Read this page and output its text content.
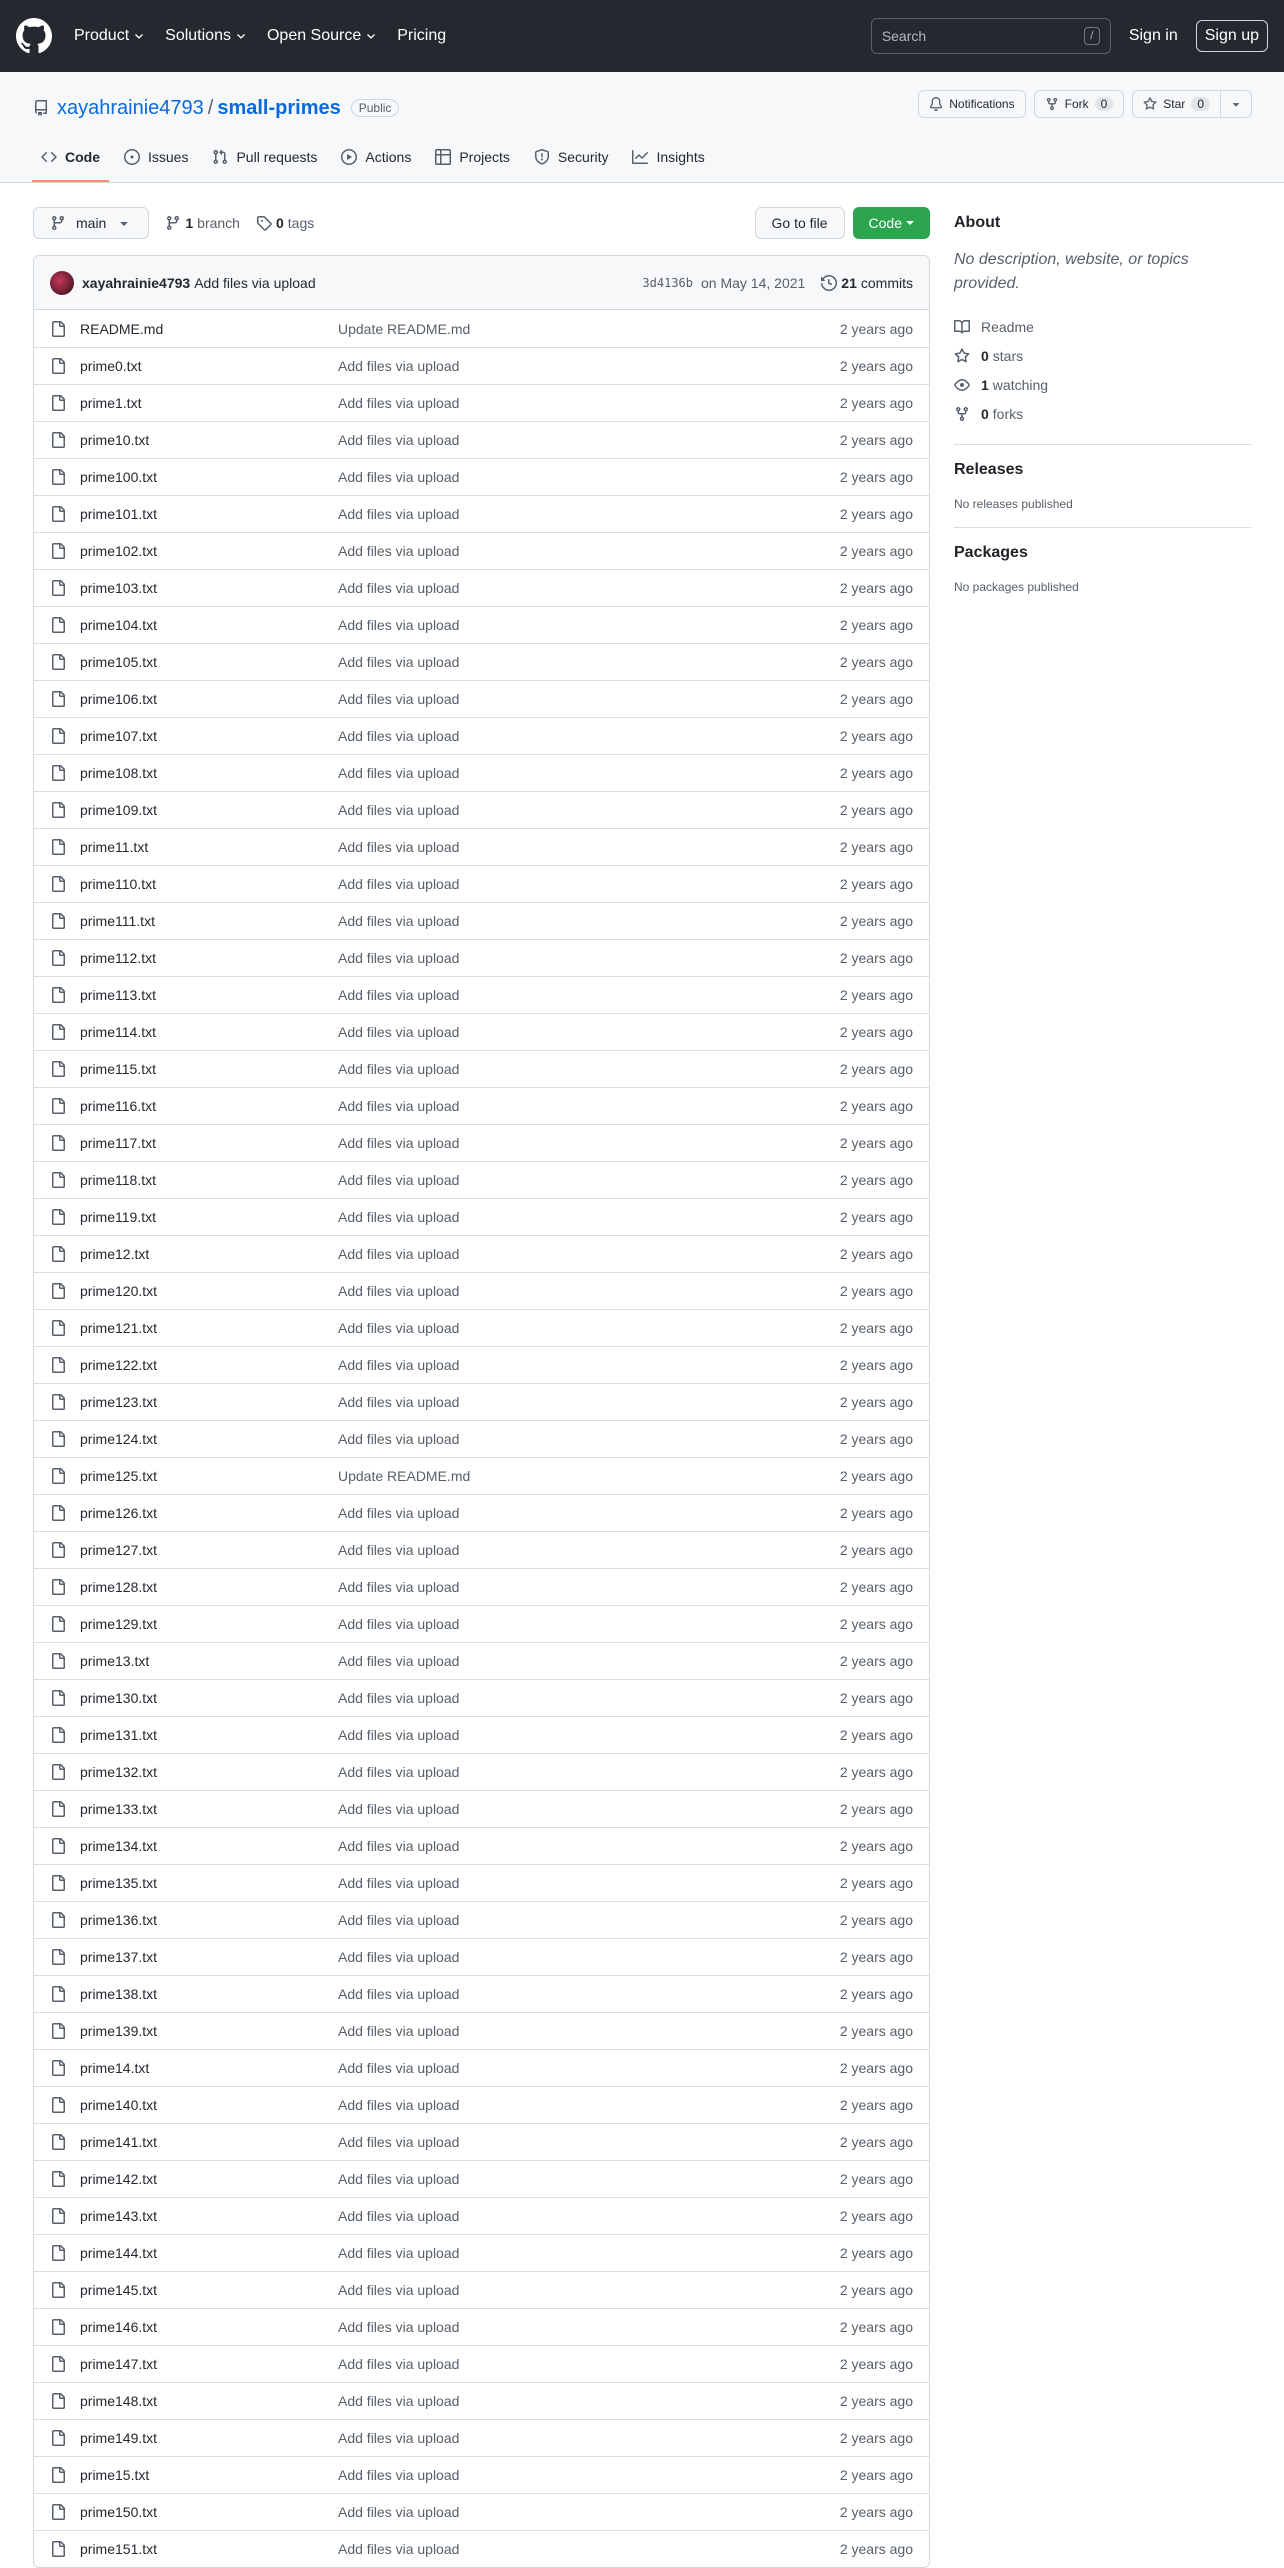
Product Solutions Open Source Pricing
Search	/	Sign in	Sign up
xayahrainie4793 / small-primes	Public	Notifications	Fork	0	Star	0
Code	Issues	Pull requests	Actions	Projects	Security	Insights
main	1 branch	0 tags	Go to file	Code
xayahrainie4793 Add files via upload	3d4136b on May 14, 2021	21 commits
README.md	Update README.md	2 years ago
prime0.txt	Add files via upload	2 years ago
prime1.txt	Add files via upload	2 years ago
prime10.txt	Add files via upload	2 years ago
prime100.txt	Add files via upload	2 years ago
prime101.txt	Add files via upload	2 years ago
prime102.txt	Add files via upload	2 years ago
prime103.txt	Add files via upload	2 years ago
prime104.txt	Add files via upload	2 years ago
prime105.txt	Add files via upload	2 years ago
prime106.txt	Add files via upload	2 years ago
prime107.txt	Add files via upload	2 years ago
prime108.txt	Add files via upload	2 years ago
prime109.txt	Add files via upload	2 years ago
prime11.txt	Add files via upload	2 years ago
prime110.txt	Add files via upload	2 years ago
prime111.txt	Add files via upload	2 years ago
prime112.txt	Add files via upload	2 years ago
prime113.txt	Add files via upload	2 years ago
prime114.txt	Add files via upload	2 years ago
prime115.txt	Add files via upload	2 years ago
prime116.txt	Add files via upload	2 years ago
prime117.txt	Add files via upload	2 years ago
prime118.txt	Add files via upload	2 years ago
prime119.txt	Add files via upload	2 years ago
prime12.txt	Add files via upload	2 years ago
prime120.txt	Add files via upload	2 years ago
prime121.txt	Add files via upload	2 years ago
prime122.txt	Add files via upload	2 years ago
prime123.txt	Add files via upload	2 years ago
prime124.txt	Add files via upload	2 years ago
prime125.txt	Update README.md	2 years ago
prime126.txt	Add files via upload	2 years ago
prime127.txt	Add files via upload	2 years ago
prime128.txt	Add files via upload	2 years ago
prime129.txt	Add files via upload	2 years ago
prime13.txt	Add files via upload	2 years ago
prime130.txt	Add files via upload	2 years ago
prime131.txt	Add files via upload	2 years ago
prime132.txt	Add files via upload	2 years ago
prime133.txt	Add files via upload	2 years ago
prime134.txt	Add files via upload	2 years ago
prime135.txt	Add files via upload	2 years ago
prime136.txt	Add files via upload	2 years ago
prime137.txt	Add files via upload	2 years ago
prime138.txt	Add files via upload	2 years ago
prime139.txt	Add files via upload	2 years ago
prime14.txt	Add files via upload	2 years ago
prime140.txt	Add files via upload	2 years ago
prime141.txt	Add files via upload	2 years ago
prime142.txt	Add files via upload	2 years ago
prime143.txt	Add files via upload	2 years ago
prime144.txt	Add files via upload	2 years ago
prime145.txt	Add files via upload	2 years ago
prime146.txt	Add files via upload	2 years ago
prime147.txt	Add files via upload	2 years ago
prime148.txt	Add files via upload	2 years ago
prime149.txt	Add files via upload	2 years ago
prime15.txt	Add files via upload	2 years ago
prime150.txt	Add files via upload	2 years ago
prime151.txt	Add files via upload	2 years ago
About

No description, website, or topics provided.

Readme
0 stars
1 watching
0 forks
Releases

No releases published

Packages

No packages published
